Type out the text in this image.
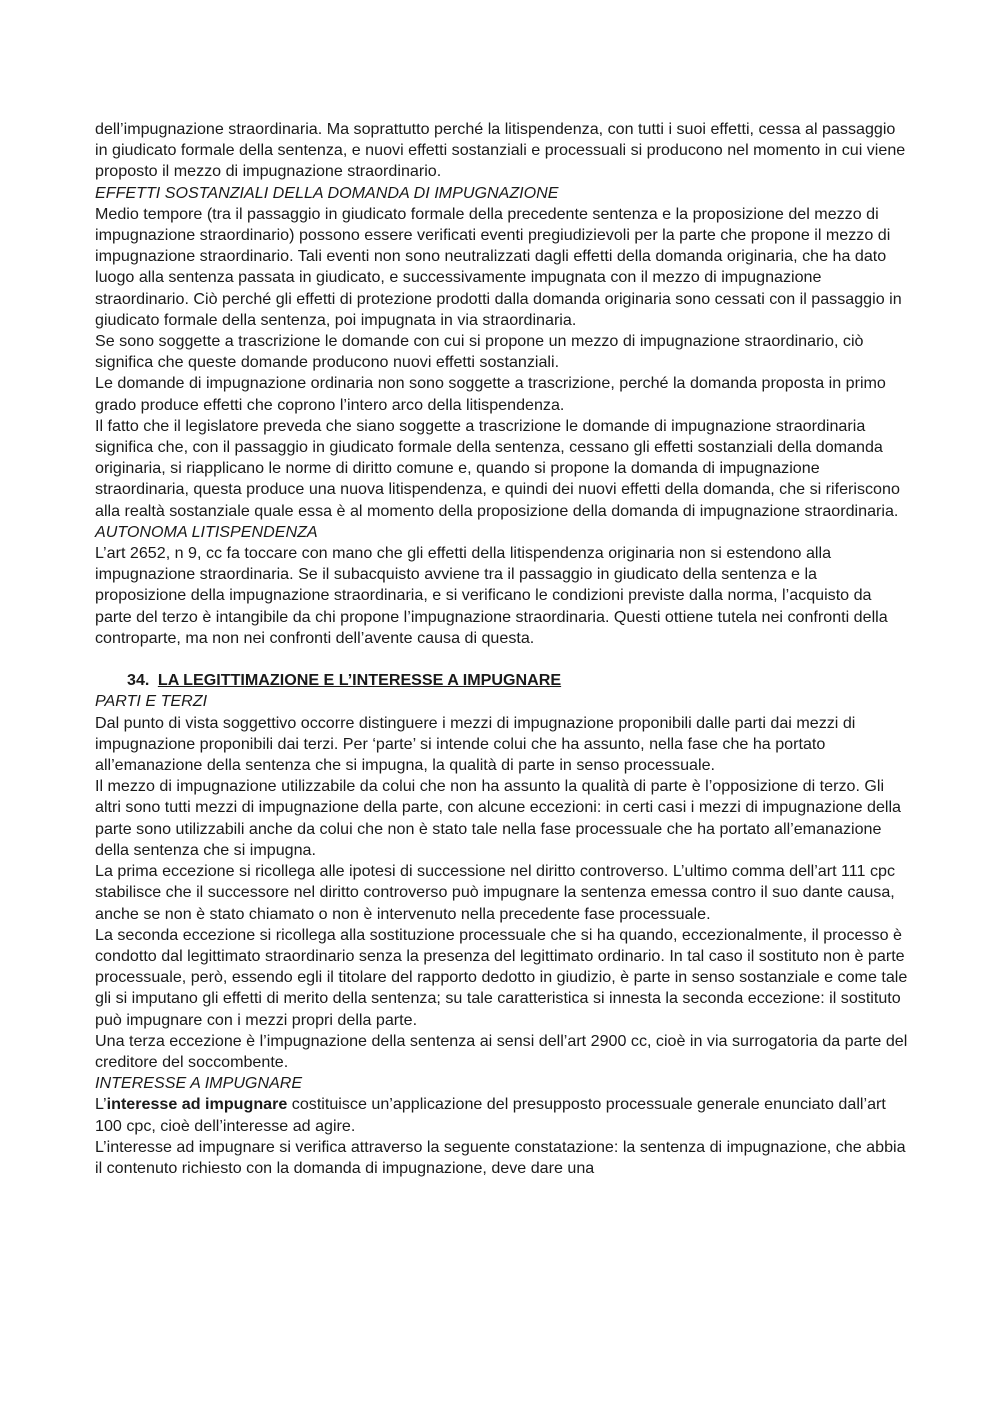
dell’impugnazione straordinaria. Ma soprattutto perché la litispendenza, con tutti i suoi effetti, cessa al passaggio in giudicato formale della sentenza, e nuovi effetti sostanziali e processuali si producono nel momento in cui viene proposto il mezzo di impugnazione straordinario.

EFFETTI SOSTANZIALI DELLA DOMANDA DI IMPUGNAZIONE

Medio tempore (tra il passaggio in giudicato formale della precedente sentenza e la proposizione del mezzo di impugnazione straordinario) possono essere verificati eventi pregiudizievoli per la parte che propone il mezzo di impugnazione straordinario. Tali eventi non sono neutralizzati dagli effetti della domanda originaria, che ha dato luogo alla sentenza passata in giudicato, e successivamente impugnata con il mezzo di impugnazione straordinario. Ciò perché gli effetti di protezione prodotti dalla domanda originaria sono cessati con il passaggio in giudicato formale della sentenza, poi impugnata in via straordinaria.

Se sono soggette a trascrizione le domande con cui si propone un mezzo di impugnazione straordinario, ciò significa che queste domande producono nuovi effetti sostanziali.

Le domande di impugnazione ordinaria non sono soggette a trascrizione, perché la domanda proposta in primo grado produce effetti che coprono l’intero arco della litispendenza.

Il fatto che il legislatore preveda che siano soggette a trascrizione le domande di impugnazione straordinaria significa che, con il passaggio in giudicato formale della sentenza, cessano gli effetti sostanziali della domanda originaria, si riapplicano le norme di diritto comune e, quando si propone la domanda di impugnazione straordinaria, questa produce una nuova litispendenza, e quindi dei nuovi effetti della domanda, che si riferiscono alla realtà sostanziale quale essa è al momento della proposizione della domanda di impugnazione straordinaria.

AUTONOMA LITISPENDENZA

L’art 2652, n 9, cc fa toccare con mano che gli effetti della litispendenza originaria non si estendono alla impugnazione straordinaria. Se il subacquisto avviene tra il passaggio in giudicato della sentenza e la proposizione della impugnazione straordinaria, e si verificano le condizioni previste dalla norma, l’acquisto da parte del terzo è intangibile da chi propone l’impugnazione straordinaria. Questi ottiene tutela nei confronti della controparte, ma non nei confronti dell’avente causa di questa.

34. LA LEGITTIMAZIONE E L’INTERESSE A IMPUGNARE

PARTI E TERZI

Dal punto di vista soggettivo occorre distinguere i mezzi di impugnazione proponibili dalle parti dai mezzi di impugnazione proponibili dai terzi. Per ‘parte’ si intende colui che ha assunto, nella fase che ha portato all’emanazione della sentenza che si impugna, la qualità di parte in senso processuale.

Il mezzo di impugnazione utilizzabile da colui che non ha assunto la qualità di parte è l’opposizione di terzo. Gli altri sono tutti mezzi di impugnazione della parte, con alcune eccezioni: in certi casi i mezzi di impugnazione della parte sono utilizzabili anche da colui che non è stato tale nella fase processuale che ha portato all’emanazione della sentenza che si impugna.

La prima eccezione si ricollega alle ipotesi di successione nel diritto controverso. L’ultimo comma dell’art 111 cpc stabilisce che il successore nel diritto controverso può impugnare la sentenza emessa contro il suo dante causa, anche se non è stato chiamato o non è intervenuto nella precedente fase processuale.

La seconda eccezione si ricollega alla sostituzione processuale che si ha quando, eccezionalmente, il processo è condotto dal legittimato straordinario senza la presenza del legittimato ordinario. In tal caso il sostituto non è parte processuale, però, essendo egli il titolare del rapporto dedotto in giudizio, è parte in senso sostanziale e come tale gli si imputano gli effetti di merito della sentenza; su tale caratteristica si innesta la seconda eccezione: il sostituto può impugnare con i mezzi propri della parte.

Una terza eccezione è l’impugnazione della sentenza ai sensi dell’art 2900 cc, cioè in via surrogatoria da parte del creditore del soccombente.

INTERESSE A IMPUGNARE

L’interesse ad impugnare costituisce un’applicazione del presupposto processuale generale enunciato dall’art 100 cpc, cioè dell’interesse ad agire.

L’interesse ad impugnare si verifica attraverso la seguente constatazione: la sentenza di impugnazione, che abbia il contenuto richiesto con la domanda di impugnazione, deve dare una
